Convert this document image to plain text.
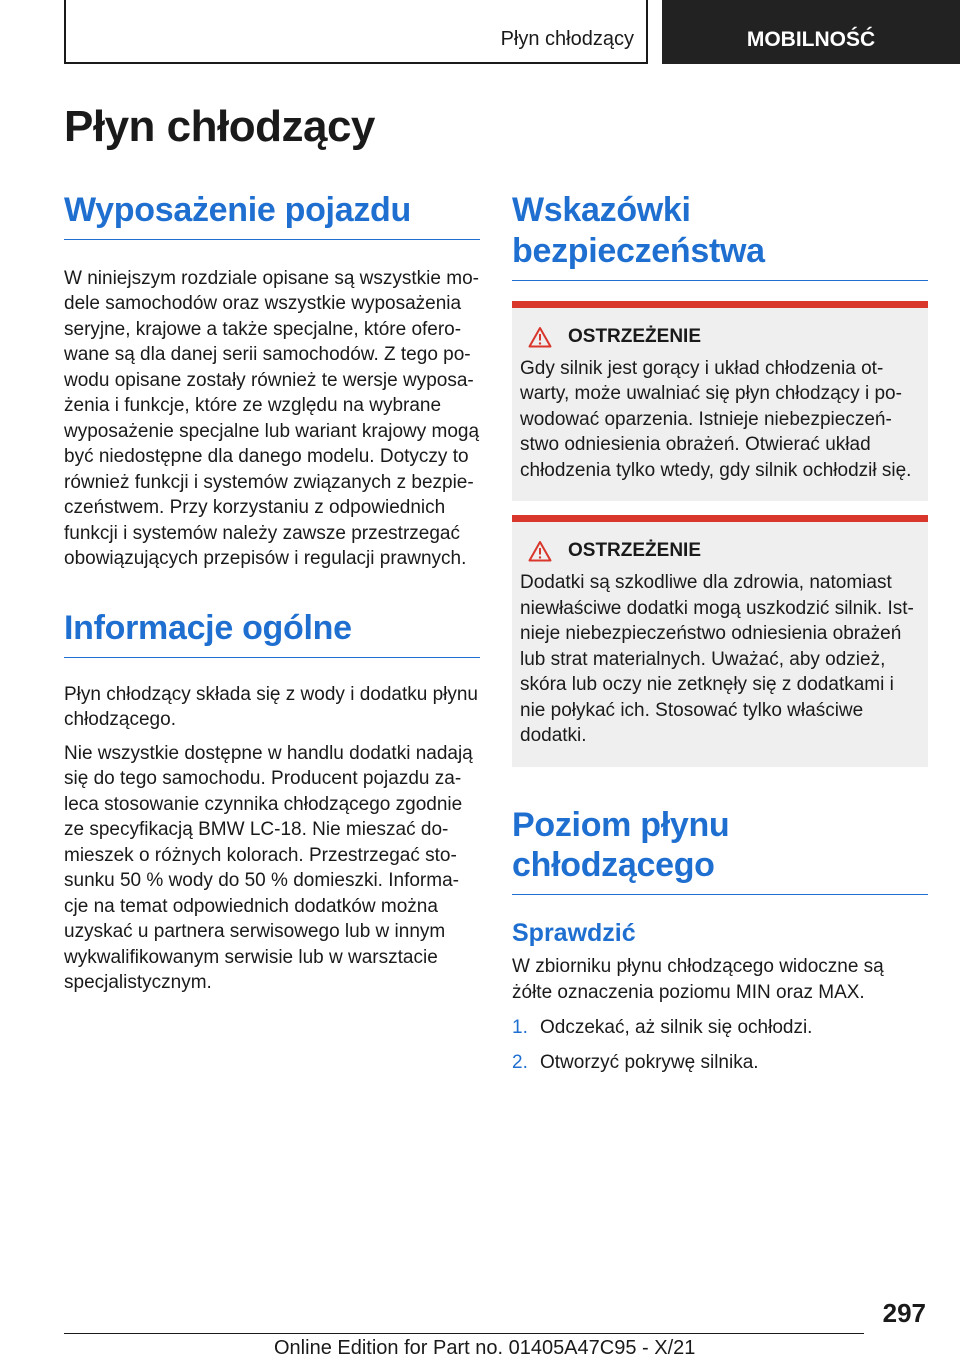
Płyn chłodzący	MOBILNOŚĆ
Płyn chłodzący
Wyposażenie pojazdu

W niniejszym rozdziale opisane są wszystkie mo-dele samochodów oraz wszystkie wyposażenia seryjne, krajowe a także specjalne, które ofero-wane są dla danej serii samochodów. Z tego po-wodu opisane zostały również te wersje wyposa-żenia i funkcje, które ze względu na wybrane wyposażenie specjalne lub wariant krajowy mogą być niedostępne dla danego modelu. Dotyczy to również funkcji i systemów związanych z bezpie-czeństwem. Przy korzystaniu z odpowiednich funkcji i systemów należy zawsze przestrzegać obowiązujących przepisów i regulacji prawnych.

Informacje ogólne

Płyn chłodzący składa się z wody i dodatku płynu chłodzącego.

Nie wszystkie dostępne w handlu dodatki nadają się do tego samochodu. Producent pojazdu za-leca stosowanie czynnika chłodzącego zgodnie ze specyfikacją BMW LC-18. Nie mieszać do-mieszek o różnych kolorach. Przestrzegać sto-sunku 50 % wody do 50 % domieszki. Informa-cje na temat odpowiednich dodatków można uzyskać u partnera serwisowego lub w innym wykwalifikowanym serwisie lub w warsztacie specjalistycznym.

Wskazówki bezpieczeństwa
OSTRZEŻENIE

Gdy silnik jest gorący i układ chłodzenia ot-warty, może uwalniać się płyn chłodzący i po-wodować oparzenia. Istnieje niebezpieczeń-stwo odniesienia obrażeń. Otwierać układ chłodzenia tylko wtedy, gdy silnik ochłodził się.

OSTRZEŻENIE

Dodatki są szkodliwe dla zdrowia, natomiast niewłaściwe dodatki mogą uszkodzić silnik. Ist-nieje niebezpieczeństwo odniesienia obrażeń lub strat materialnych. Uważać, aby odzież, skóra lub oczy nie zetknęły się z dodatkami i nie połykać ich. Stosować tylko właściwe dodatki.

Poziom płynu chłodzącego
Sprawdzić

W zbiorniku płynu chłodzącego widoczne są żółte oznaczenia poziomu MIN oraz MAX.

1. Odczekać, aż silnik się ochłodzi.
2. Otworzyć pokrywę silnika.
297
Online Edition for Part no. 01405A47C95 - X/21
